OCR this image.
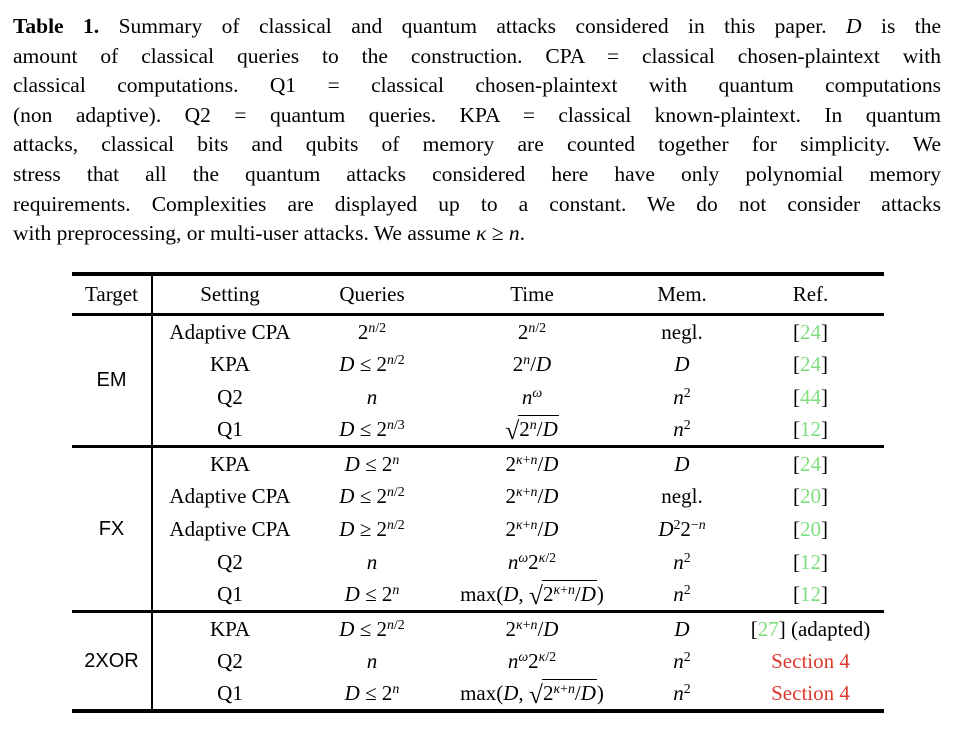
Table 1. Summary of classical and quantum attacks considered in this paper. D is the
amount of classical queries to the construction. CPA = classical chosen-plaintext with
classical computations. Q1 = classical chosen-plaintext with quantum computations
(non adaptive). Q2 = quantum queries. KPA = classical known-plaintext. In quantum
attacks, classical bits and qubits of memory are counted together for simplicity. We
stress that all the quantum attacks considered here have only polynomial memory
requirements. Complexities are displayed up to a constant. We do not consider attacks
with preprocessing, or multi-user attacks. We assume κ ≥ n.
Target	Setting	Queries	Time	Mem.	Ref.
EM	Adaptive CPA	$2^{n/2}$	$2^{n/2}$	negl.	[24]
	KPA	$D \le 2^{n/2}$	2$^n$/D	D	[24]
	Q2	n	$n^\omega$	$n^2$	[44]
	Q1	$D \le 2^{n/3}$	√2$^n$/D	$n^2$	[12]
FX	KPA	$D \le 2^n$	$2^{\kappa+n}/D$	D	[24]
	Adaptive CPA	$D \le 2^{n/2}$	$2^{\kappa+n}/D$	negl.	[20]
	Adaptive CPA	$D \ge 2^{n/2}$	$2^{\kappa+n}/D$	$D^22^{-n}$	[20]
	Q2	n	$n^\omega 2^{\kappa/2}$	$n^2$	[12]
	Q1	$D \le 2^n$	max(D, $√2^{\kappa+n}/D$)	$n^2$	[12]
2XOR	KPA	$D \le 2^{n/2}$	$2^{\kappa+n}/D$	D	[27] (adapted)
	Q2	n	$n^\omega 2^{\kappa/2}$	$n^2$	Section 4
	Q1	$D \le 2^n$	max(D, $√2^{\kappa+n}/D$)	$n^2$	Section 4
